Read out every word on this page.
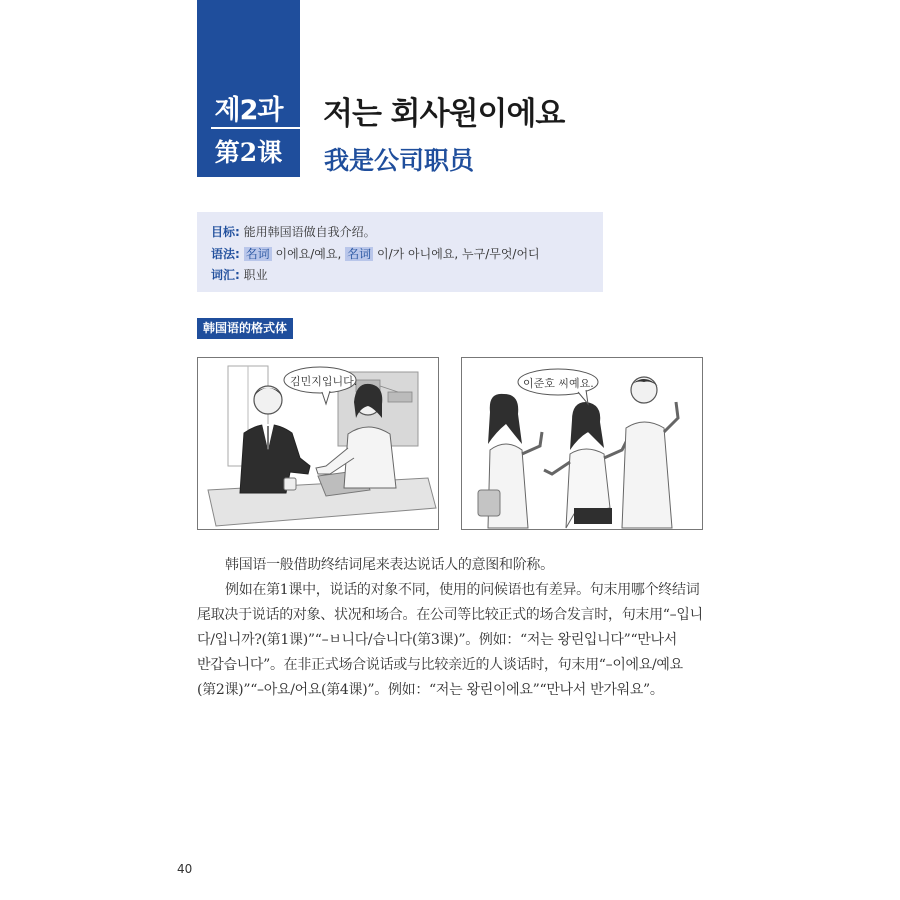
제2과
第2课
저는 회사원이에요
我是公司职员
目标: 能用韩国语做自我介绍。
语法: 名词 이에요/예요, 名词 이/가 아니에요, 누구/무엇/어디
词汇: 职业
韩国语的格式体
김민지입니다.	이준호 씨예요.

韩国语一般借助终结词尾来表达说话人的意图和阶称。

例如在第1课中，说话的对象不同，使用的问候语也有差异。句末用哪个终结词

尾取决于说话的对象、状况和场合。在公司等比较正式的场合发言时，句末用“–입니

다/입니까?(第1课)”“–ㅂ니다/습니다(第3课)”。例如：“저는 왕린입니다”“만나서

반갑습니다”。在非正式场合说话或与比较亲近的人谈话时，句末用“–이에요/예요

(第2课)”“–아요/어요(第4课)”。例如：“저는 왕린이에요”“만나서 반가워요”。

40
